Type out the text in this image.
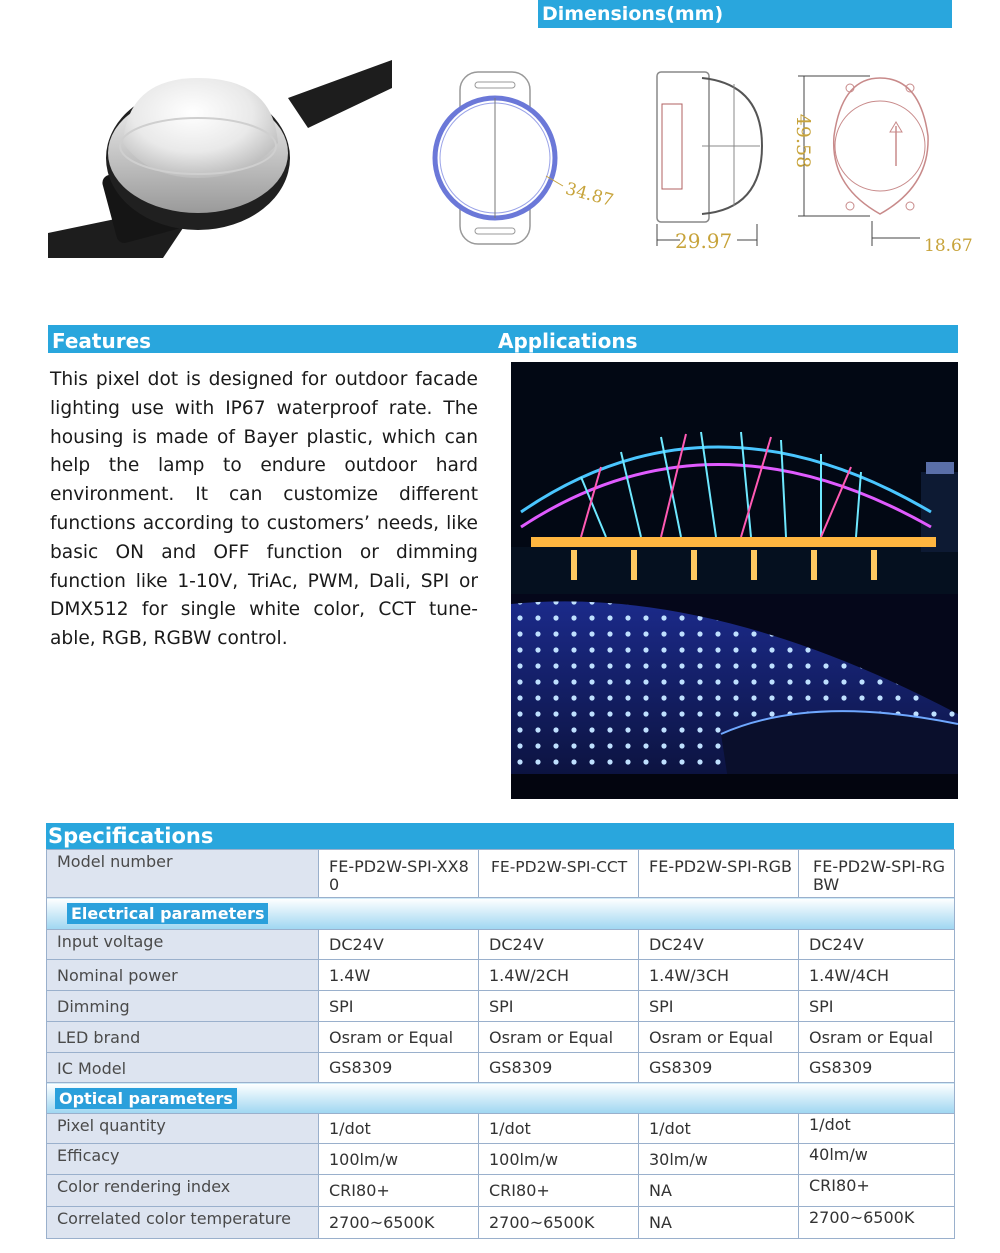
Dimensions(mm)
34.87
29.97
49.58
18.67
Features	Applications
This pixel dot is designed for outdoor facade lighting use with IP67 waterproof rate. The housing is made of Bayer plastic, which can help the lamp to endure outdoor hard environment. It can customize different functions according to customers’ needs, like basic ON and OFF function or dimming function like 1-10V, TriAc, PWM, Dali, SPI or DMX512 for single white color, CCT tune-able, RGB, RGBW control.
Specifications
Model number	FE-PD2W-SPI-XX80	FE-PD2W-SPI-CCT	FE-PD2W-SPI-RGB	FE-PD2W-SPI-RGBW
Electrical parameters				
Input voltage	DC24V	DC24V	DC24V	DC24V
Nominal power	1.4W	1.4W/2CH	1.4W/3CH	1.4W/4CH
Dimming	SPI	SPI	SPI	SPI
LED brand	Osram or Equal	Osram or Equal	Osram or Equal	Osram or Equal
IC Model	GS8309	GS8309	GS8309	GS8309
Optical parameters				
Pixel quantity	1/dot	1/dot	1/dot	1/dot
Efficacy	100lm/w	100lm/w	30lm/w	40lm/w
Color rendering index	CRI80+	CRI80+	NA	CRI80+
Correlated color temperature	2700~6500K	2700~6500K	NA	2700~6500K
